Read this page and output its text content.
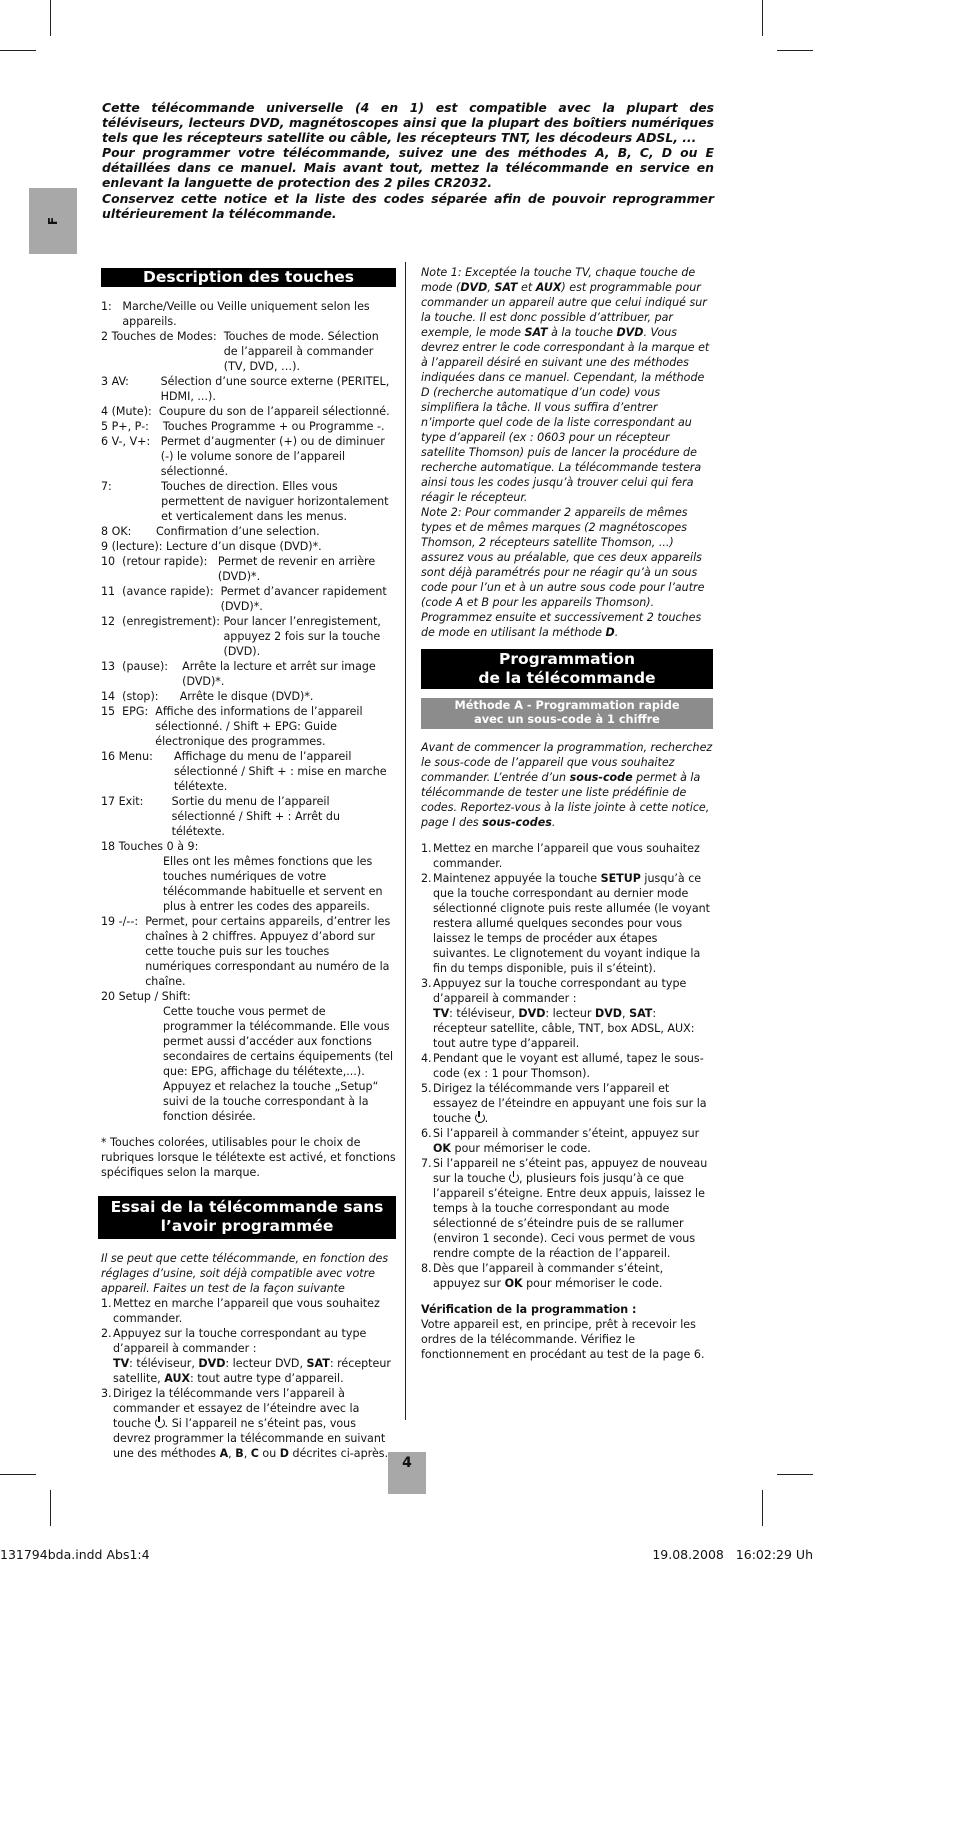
F

Cette télécommande universelle (4 en 1) est compatible avec la plupart des téléviseurs, lecteurs DVD, magnétoscopes ainsi que la plupart des boîtiers numériques tels que les récepteurs satellite ou câble, les récepteurs TNT, les décodeurs ADSL, ...

Pour programmer votre télécommande, suivez une des méthodes A, B, C, D ou E détaillées dans ce manuel. Mais avant tout, mettez la télécommande en service en enlevant la languette de protection des 2 piles CR2032.

Conservez cette notice et la liste des codes séparée afin de pouvoir reprogrammer ultérieurement la télécommande.

Description des touches
1: Marche/Veille ou Veille uniquement selon les appareils.
2 Touches de Modes: Touches de mode. Sélection de l’appareil à commander (TV, DVD, …).
3 AV: Sélection d’une source externe (PERITEL, HDMI, ...).
4 (Mute): Coupure du son de l’appareil sélectionné.
5 P+, P-: Touches Programme + ou Programme -.
6 V-, V+: Permet d’augmenter (+) ou de diminuer (-) le volume sonore de l’appareil sélectionné.
7: Touches de direction. Elles vous permettent de naviguer horizontalement et verticalement dans les menus.
8 OK: Confirmation d’une selection.
9 (lecture): Lecture d’un disque (DVD)*.
10  (retour rapide): Permet de revenir en arrière (DVD)*.
11  (avance rapide): Permet d’avancer rapidement (DVD)*.
12  (enregistrement): Pour lancer l’enregistement, appuyez 2 fois sur la touche (DVD).
13  (pause): Arrête la lecture et arrêt sur image (DVD)*.
14  (stop): Arrête le disque (DVD)*.
15  EPG: Affiche des informations de l’appareil sélectionné. / Shift + EPG: Guide électronique des programmes.
16 Menu: Affichage du menu de l’appareil sélectionné / Shift + : mise en marche télétexte.
17 Exit: Sortie du menu de l’appareil sélectionné / Shift + : Arrêt du télétexte.
18 Touches 0 à 9:
Elles ont les mêmes fonctions que les touches numériques de votre télécommande habituelle et servent en plus à entrer les codes des appareils.
19 -/--: Permet, pour certains appareils, d’entrer les chaînes à 2 chiffres. Appuyez d’abord sur cette touche puis sur les touches numériques correspondant au numéro de la chaîne.
20 Setup / Shift:
Cette touche vous permet de programmer la télécommande. Elle vous permet aussi d’accéder aux fonctions secondaires de certains équipements (tel que: EPG, affichage du télétexte,...). Appuyez et relachez la touche „Setup“ suivi de la touche correspondant à la fonction désirée.
* Touches colorées, utilisables pour le choix de rubriques lorsque le télétexte est activé, et fonctions spécifiques selon la marque.
Essai de la télécommande sans
l’avoir programmée
Il se peut que cette télécommande, en fonction des réglages d’usine, soit déjà compatible avec votre appareil. Faites un test de la façon suivante
1. Mettez en marche l’appareil que vous souhaitez commander.
2. Appuyez sur la touche correspondant au type d’appareil à commander :
TV: téléviseur, DVD: lecteur DVD, SAT: récepteur satellite, AUX: tout autre type d’appareil.
3. Dirigez la télécommande vers l’appareil à commander et essayez de l’éteindre avec la touche . Si l’appareil ne s’éteint pas, vous devrez programmer la télécommande en suivant une des méthodes A, B, C ou D décrites ci-après.
Note 1: Exceptée la touche TV, chaque touche de mode (DVD, SAT et AUX) est programmable pour commander un appareil autre que celui indiqué sur la touche. Il est donc possible d’attribuer, par exemple, le mode SAT à la touche DVD. Vous devrez entrer le code correspondant à la marque et à l’appareil désiré en suivant une des méthodes indiquées dans ce manuel. Cependant, la méthode D (recherche automatique d’un code) vous simplifiera la tâche. Il vous suffira d’entrer n’importe quel code de la liste correspondant au type d’appareil (ex : 0603 pour un récepteur satellite Thomson) puis de lancer la procédure de recherche automatique. La télécommande testera ainsi tous les codes jusqu’à trouver celui qui fera réagir le récepteur.
Note 2: Pour commander 2 appareils de mêmes types et de mêmes marques (2 magnétoscopes Thomson, 2 récepteurs satellite Thomson, ...) assurez vous au préalable, que ces deux appareils sont déjà paramétrés pour ne réagir qu’à un sous code pour l’un et à un autre sous code pour l’autre (code A et B pour les appareils Thomson). Programmez ensuite et successivement 2 touches de mode en utilisant la méthode D.
Programmation
de la télécommande
Méthode A - Programmation rapide
avec un sous-code à 1 chiffre
Avant de commencer la programmation, recherchez le sous-code de l’appareil que vous souhaitez commander. L’entrée d’un sous-code permet à la télécommande de tester une liste prédéfinie de codes. Reportez-vous à la liste jointe à cette notice, page I des sous-codes.
1. Mettez en marche l’appareil que vous souhaitez commander.
2. Maintenez appuyée la touche SETUP jusqu’à ce que la touche correspondant au dernier mode sélectionné clignote puis reste allumée (le voyant restera allumé quelques secondes pour vous laissez le temps de procéder aux étapes suivantes. Le clignotement du voyant indique la fin du temps disponible, puis il s’éteint).
3. Appuyez sur la touche correspondant au type d’appareil à commander :
TV: téléviseur, DVD: lecteur DVD, SAT: récepteur satellite, câble, TNT, box ADSL, AUX: tout autre type d’appareil.
4. Pendant que le voyant est allumé, tapez le sous-code (ex : 1 pour Thomson).
5. Dirigez la télécommande vers l’appareil et essayez de l’éteindre en appuyant une fois sur la touche .
6. Si l’appareil à commander s’éteint, appuyez sur OK pour mémoriser le code.
7. Si l’appareil ne s’éteint pas, appuyez de nouveau sur la touche , plusieurs fois jusqu’à ce que l’appareil s’éteigne. Entre deux appuis, laissez le temps à la touche correspondant au mode sélectionné de s’éteindre puis de se rallumer (environ 1 seconde). Ceci vous permet de vous rendre compte de la réaction de l’appareil.
8. Dès que l’appareil à commander s’éteint, appuyez sur OK pour mémoriser le code.
Vérification de la programmation :
Votre appareil est, en principe, prêt à recevoir les ordres de la télécommande. Vérifiez le fonctionnement en procédant au test de la page 6.
4
131794bda.indd Abs1:4	19.08.2008   16:02:29 Uh
